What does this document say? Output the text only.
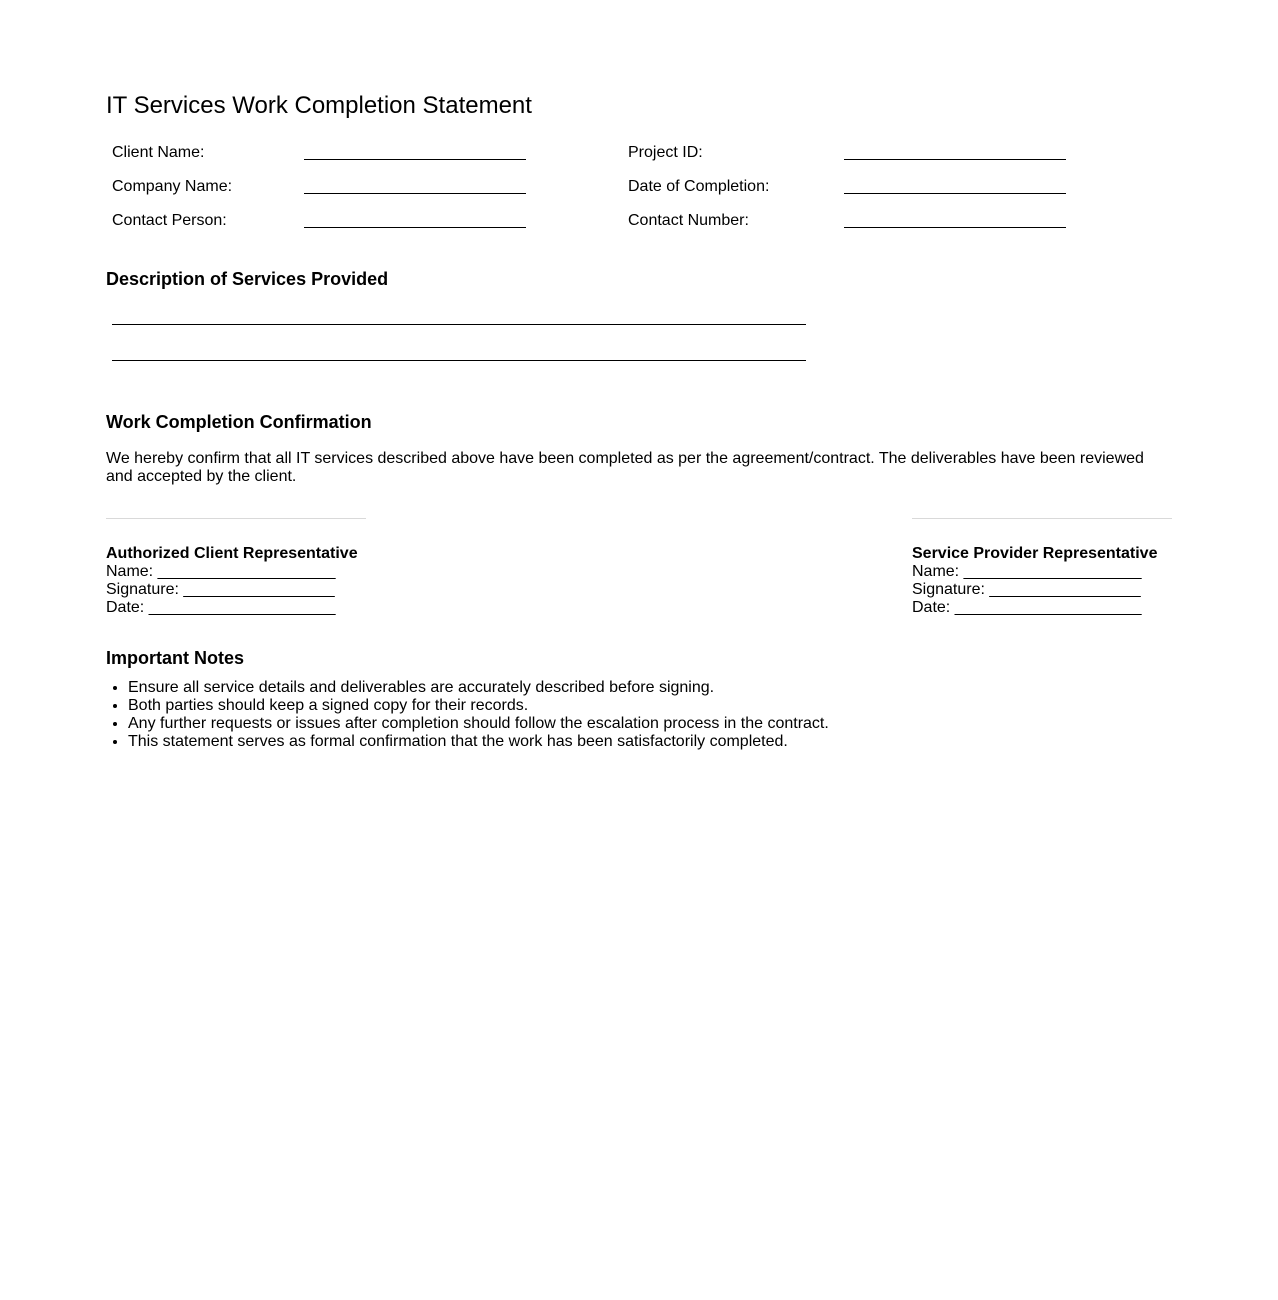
IT Services Work Completion Statement
Client Name:		Project ID:	
Company Name:		Date of Completion:	
Contact Person:		Contact Number:	
Description of Services Provided
Work Completion Confirmation

We hereby confirm that all IT services described above have been completed as per the agreement/contract. The deliverables have been reviewed and accepted by the client.

Authorized Client Representative
Name: ____________________
Signature: _________________
Date: _____________________
Service Provider Representative
Name: ____________________
Signature: _________________
Date: _____________________
Important Notes
• Ensure all service details and deliverables are accurately described before signing.
• Both parties should keep a signed copy for their records.
• Any further requests or issues after completion should follow the escalation process in the contract.
• This statement serves as formal confirmation that the work has been satisfactorily completed.
